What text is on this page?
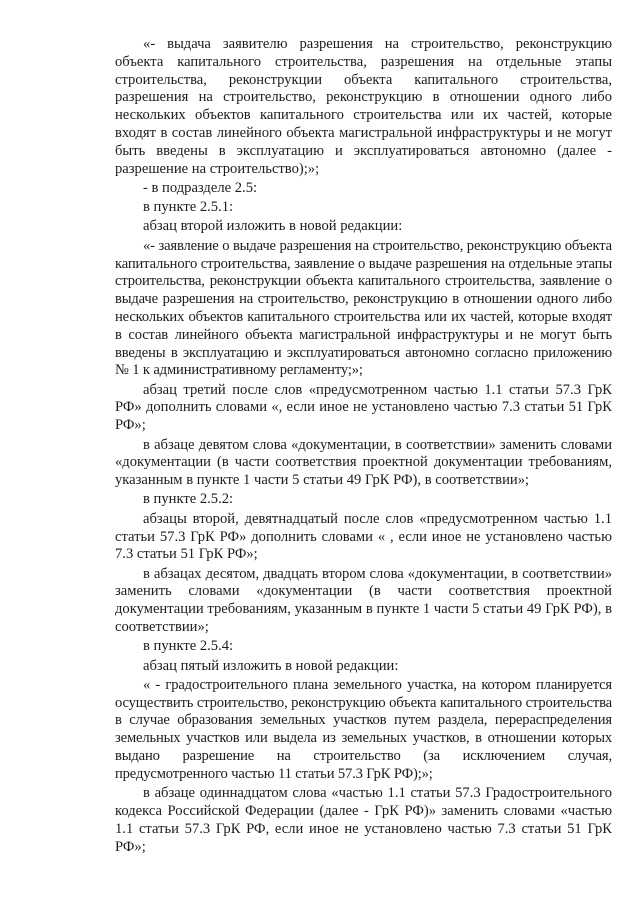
«- выдача заявителю разрешения на строительство, реконструкцию объекта капитального строительства, разрешения на отдельные этапы строительства, реконструкции объекта капитального строительства, разрешения на строительство, реконструкцию в отношении одного либо нескольких объектов капитального строительства или их частей, которые входят в состав линейного объекта магистральной инфраструктуры и не могут быть введены в эксплуатацию и эксплуатироваться автономно (далее - разрешение на строительство);»;

- в подразделе 2.5:

в пункте 2.5.1:

абзац второй изложить в новой редакции:

«- заявление о выдаче разрешения на строительство, реконструкцию объекта капитального строительства, заявление о выдаче разрешения на отдельные этапы строительства, реконструкции объекта капитального строительства, заявление о выдаче разрешения на строительство, реконструкцию в отношении одного либо нескольких объектов капитального строительства или их частей, которые входят в состав линейного объекта магистральной инфраструктуры и не могут быть введены в эксплуатацию и эксплуатироваться автономно согласно приложению № 1 к административному регламенту;»;

абзац третий после слов «предусмотренном частью 1.1 статьи 57.3 ГрК РФ» дополнить словами «, если иное не установлено частью 7.3 статьи 51 ГрК РФ»;

в абзаце девятом слова «документации, в соответствии» заменить словами «документации (в части соответствия проектной документации требованиям, указанным в пункте 1 части 5 статьи 49 ГрК РФ), в соответствии»;

в пункте 2.5.2:

абзацы второй, девятнадцатый после слов «предусмотренном частью 1.1 статьи 57.3 ГрК РФ» дополнить словами « , если иное не установлено частью 7.3 статьи 51 ГрК РФ»;

в абзацах десятом, двадцать втором слова «документации, в соответствии» заменить словами «документации (в части соответствия проектной документации требованиям, указанным в пункте 1 части 5 статьи 49 ГрК РФ), в соответствии»;

в пункте 2.5.4:

абзац пятый изложить в новой редакции:

« - градостроительного плана земельного участка, на котором планируется осуществить строительство, реконструкцию объекта капитального строительства в случае образования земельных участков путем раздела, перераспределения земельных участков или выдела из земельных участков, в отношении которых выдано разрешение на строительство (за исключением случая, предусмотренного частью 11 статьи 57.3 ГрК РФ);»;

в абзаце одиннадцатом слова «частью 1.1 статьи 57.3 Градостроительного кодекса Российской Федерации (далее - ГрК РФ)» заменить словами «частью 1.1 статьи 57.3 ГрК РФ, если иное не установлено частью 7.3 статьи 51 ГрК РФ»;
